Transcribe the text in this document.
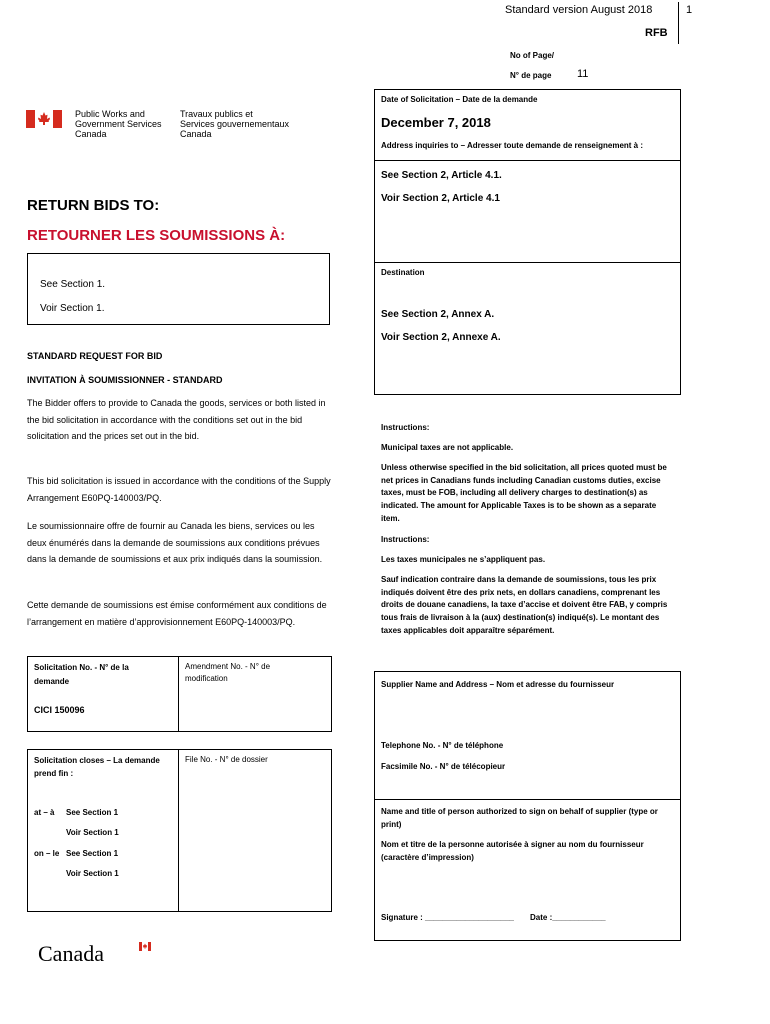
Standard version August 2018	1
RFB
No of Page/
N° de page 11
Public Works and
Government Services
Canada
Travaux publics et
Services gouvernementaux
Canada
Date of Solicitation – Date de la demande
December 7, 2018
Address inquiries to – Adresser toute demande de renseignement à :
See Section 2, Article 4.1.
Voir Section 2, Article 4.1
Destination
See Section 2, Annex A.
Voir Section 2, Annexe A.
RETURN BIDS TO:
RETOURNER LES SOUMISSIONS À:
See Section 1.
Voir Section 1.
STANDARD REQUEST FOR BID
INVITATION À SOUMISSIONNER - STANDARD
The Bidder offers to provide to Canada the goods, services or both listed in the bid solicitation in accordance with the conditions set out in the bid solicitation and the prices set out in the bid.
This bid solicitation is issued in accordance with the conditions of the Supply Arrangement E60PQ-140003/PQ.
Le soumissionnaire offre de fournir au Canada les biens, services ou les deux énumérés dans la demande de soumissions aux conditions prévues dans la demande de soumissions et aux prix indiqués dans la soumission.
Cette demande de soumissions est émise conformément aux conditions de l’arrangement en matière d’approvisionnement E60PQ-140003/PQ.
Instructions:
Municipal taxes are not applicable.
Unless otherwise specified in the bid solicitation, all prices quoted must be net prices in Canadians funds including Canadian customs duties, excise taxes, must be FOB, including all delivery charges to destination(s) as indicated. The amount for Applicable Taxes is to be shown as a separate item.
Instructions:
Les taxes municipales ne s’appliquent pas.
Sauf indication contraire dans la demande de soumissions, tous les prix indiqués doivent être des prix nets, en dollars canadiens, comprenant les droits de douane canadiens, la taxe d’accise et doivent être FAB, y compris tous frais de livraison à la (aux) destination(s) indiqué(s). Le montant des taxes applicables doit apparaître séparément.
Solicitation No. - N° de la demande
CICI 150096
Amendment No. - N° de modification
Supplier Name and Address – Nom et adresse du fournisseur
Telephone No. - N° de téléphone
Facsimile No. - N° de télécopieur
Name and title of person authorized to sign on behalf of supplier (type or print)
Nom et titre de la personne autorisée à signer au nom du fournisseur (caractère d’impression)
Signature : ____________________ Date :____________
Solicitation closes – La demande prend fin :
File No. - N° de dossier
at – à See Section 1
Voir Section 1
on – le See Section 1
Voir Section 1
Canada
